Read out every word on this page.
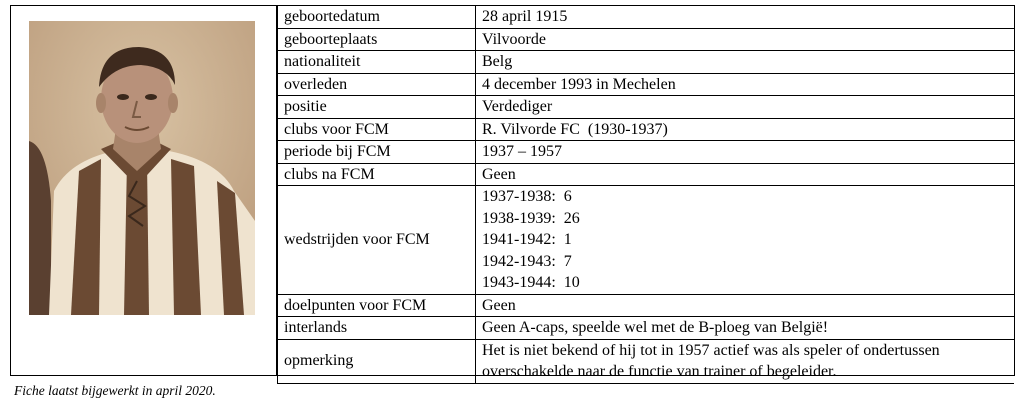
geboortedatum	28 april 1915
geboorteplaats	Vilvoorde
nationaliteit	Belg
overleden	4 december 1993 in Mechelen
positie	Verdediger
clubs voor FCM	R. Vilvorde FC  (1930-1937)
periode bij FCM	1937 – 1957
clubs na FCM	Geen
wedstrijden voor FCM	1937-1938: 6
1938-1939: 26
1941-1942: 1
1942-1943: 7
1943-1944: 10

doelpunten voor FCM	Geen
interlands	Geen A-caps, speelde wel met de B-ploeg van België!
opmerking	Het is niet bekend of hij tot in 1957 actief was als speler of ondertussen
overschakelde naar de functie van trainer of begeleider.
Fiche laatst bijgewerkt in april 2020.
